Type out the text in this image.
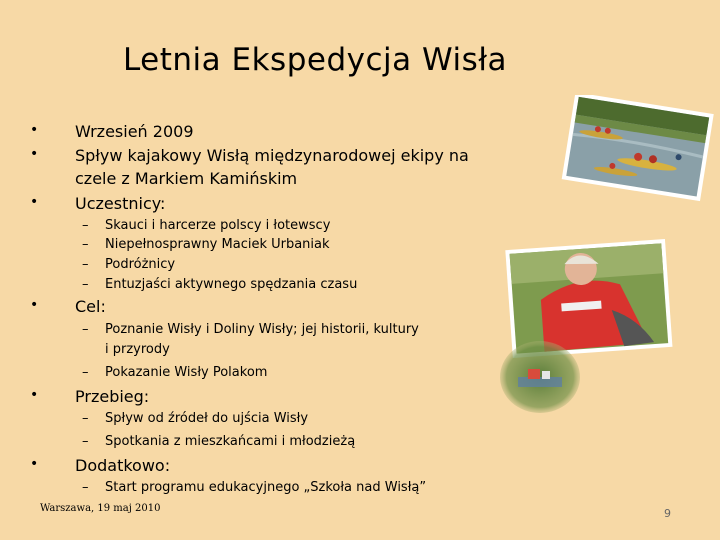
Letnia Ekspedycja Wisła
• Wrzesień 2009
• Spływ kajakowy Wisłą międzynarodowej ekipy na
czele z Markiem Kamińskim
• Uczestnicy:
– Skauci i harcerze polscy i łotewscy
– Niepełnosprawny Maciek Urbaniak
– Podróżnicy
– Entuzjaści aktywnego spędzania czasu
• Cel:
– Poznanie Wisły i Doliny Wisły; jej historii, kultury
i przyrody
– Pokazanie Wisły Polakom
• Przebieg:
– Spływ od źródeł do ujścia Wisły
– Spotkania z mieszkańcami i młodzieżą
• Dodatkowo:
– Start programu edukacyjnego „Szkoła nad Wisłą”
Warszawa, 19 maj 2010	9
